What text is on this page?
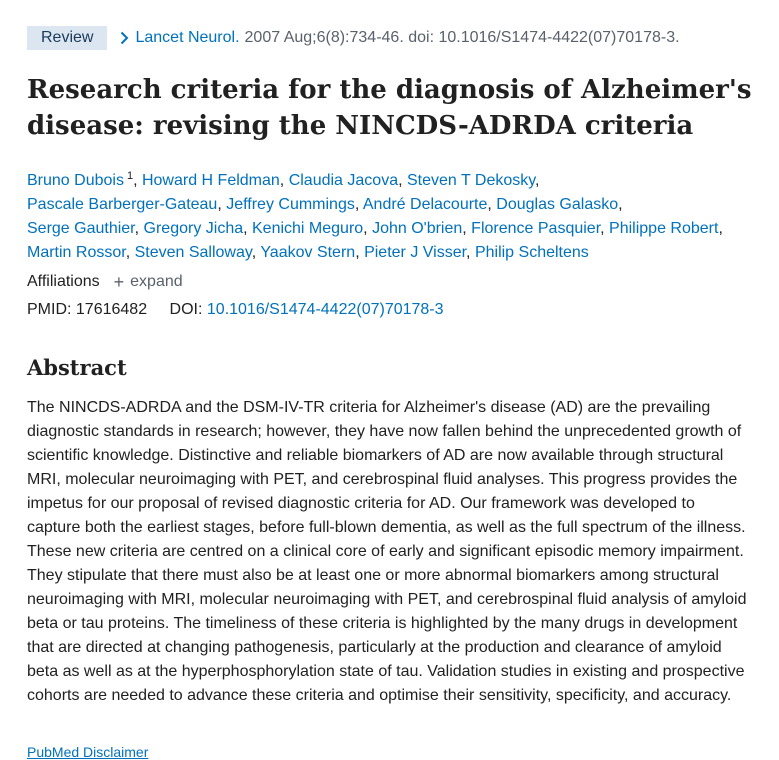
Review	Lancet Neurol. 2007 Aug;6(8):734-46. doi: 10.1016/S1474-4422(07)70178-3.
Research criteria for the diagnosis of Alzheimer's disease: revising the NINCDS-ADRDA criteria
Bruno Dubois $^1$, Howard H Feldman, Claudia Jacova, Steven T Dekosky,
Pascale Barberger-Gateau, Jeffrey Cummings, André Delacourte, Douglas Galasko,
Serge Gauthier, Gregory Jicha, Kenichi Meguro, John O'brien, Florence Pasquier, Philippe Robert,
Martin Rossor, Steven Salloway, Yaakov Stern, Pieter J Visser, Philip Scheltens
Affiliations + expand
PMID: 17616482 DOI: 10.1016/S1474-4422(07)70178-3
Abstract

The NINCDS-ADRDA and the DSM-IV-TR criteria for Alzheimer's disease (AD) are the prevailing diagnostic standards in research; however, they have now fallen behind the unprecedented growth of scientific knowledge. Distinctive and reliable biomarkers of AD are now available through structural MRI, molecular neuroimaging with PET, and cerebrospinal fluid analyses. This progress provides the impetus for our proposal of revised diagnostic criteria for AD. Our framework was developed to capture both the earliest stages, before full-blown dementia, as well as the full spectrum of the illness. These new criteria are centred on a clinical core of early and significant episodic memory impairment. They stipulate that there must also be at least one or more abnormal biomarkers among structural neuroimaging with MRI, molecular neuroimaging with PET, and cerebrospinal fluid analysis of amyloid beta or tau proteins. The timeliness of these criteria is highlighted by the many drugs in development that are directed at changing pathogenesis, particularly at the production and clearance of amyloid beta as well as at the hyperphosphorylation state of tau. Validation studies in existing and prospective cohorts are needed to advance these criteria and optimise their sensitivity, specificity, and accuracy.

PubMed Disclaimer
